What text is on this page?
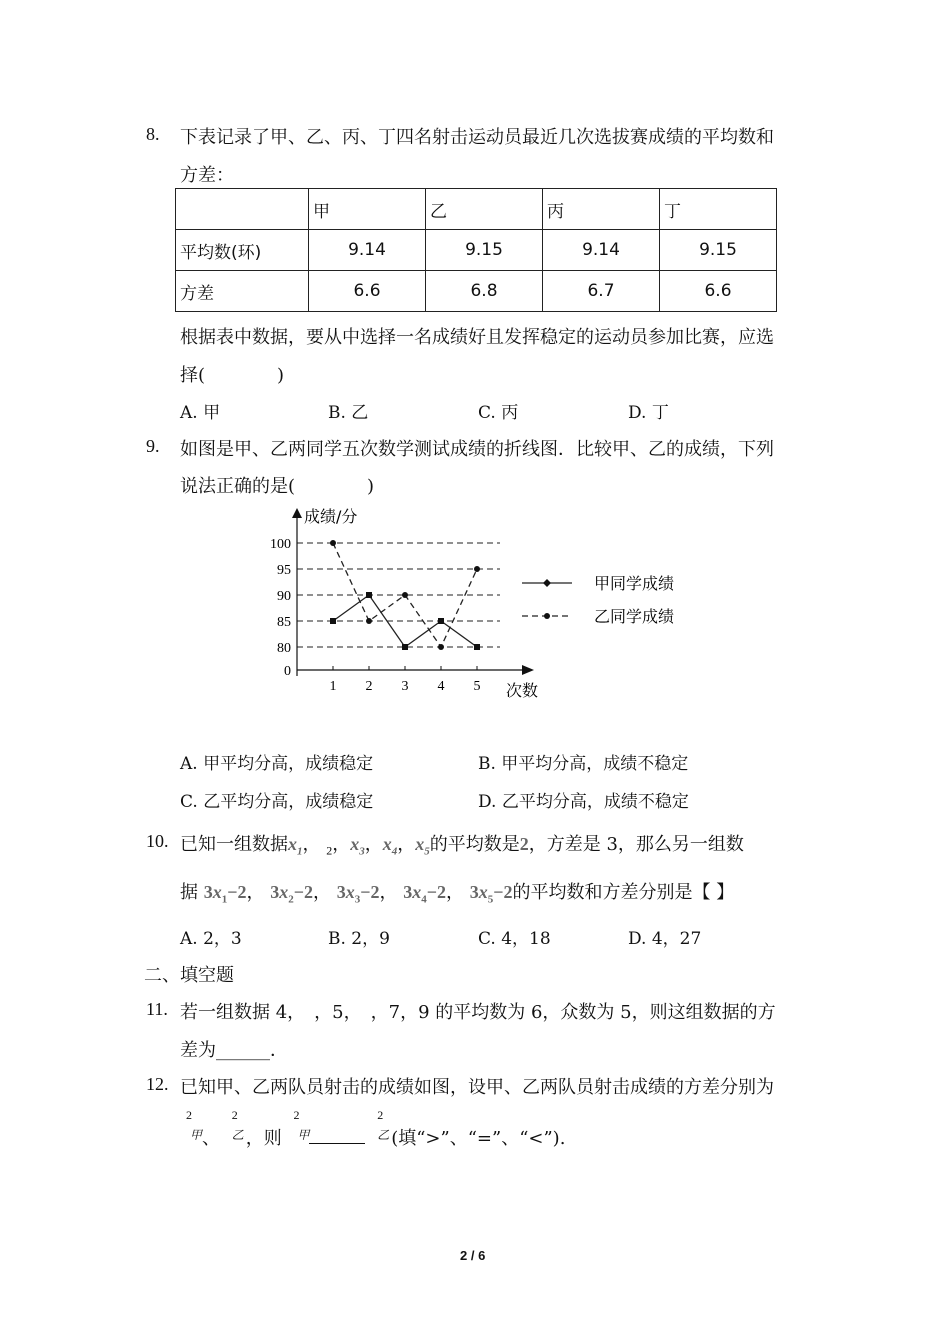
8. 下表记录了甲、乙、丙、丁四名射击运动员最近几次选拔赛成绩的平均数和
方差：
	甲	乙	丙	丁
平均数(环)	9.14	9.15	9.14	9.15
方差	6.6	6.8	6.7	6.6
根据表中数据，要从中选择一名成绩好且发挥稳定的运动员参加比赛，应选
择(　　　　)
A. 甲	B. 乙	C. 丙	D. 丁
9. 如图是甲、乙两同学五次数学测试成绩的折线图．比较甲、乙的成绩，下列
说法正确的是(　　　　)
0
80
85
90
95
100
1 2 3 4 5
甲同学成绩
乙同学成绩
成绩/分
次数
A. 甲平均分高，成绩稳定	B. 甲平均分高，成绩不稳定
C. 乙平均分高，成绩稳定	D. 乙平均分高，成绩不稳定
10. 已知一组数据$x_1$， $_2$，$x_3$，$x_4$，$x_5$的平均数是2，方差是 3，那么另一组数
据 $3x_1-2$， $3x_2-2$， $3x_3-2$， $3x_4-2$， $3x_5-2$的平均数和方差分别是【 】
A. 2，3	B. 2，9	C. 4，18	D. 4，27
二、填空题
11. 若一组数据 4，　，5，　，7，9 的平均数为 6，众数为 5，则这组数据的方
差为______．
12. 已知甲、乙两队员射击的成绩如图，设甲、乙两队员射击成绩的方差分别为
2
甲 、
2
乙 ，则
2
甲

2
乙 (填“>”、“=”、“<”).
2 / 6
